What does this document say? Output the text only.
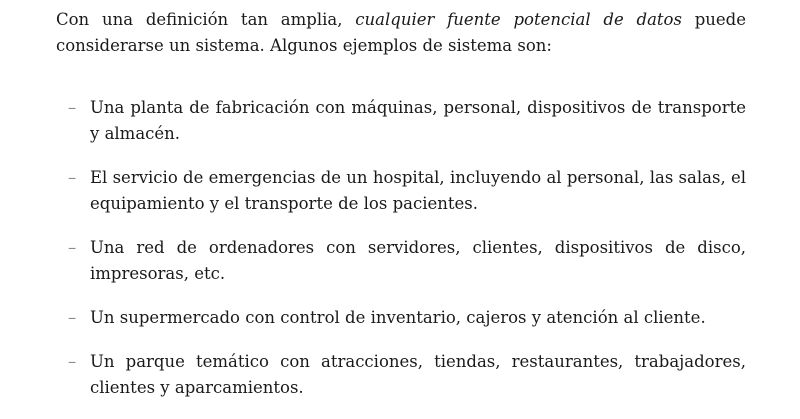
Con una definición tan amplia, cualquier fuente potencial de datos puede considerarse un sistema. Algunos ejemplos de sistema son:

– Una planta de fabricación con máquinas, personal, dispositivos de transporte y almacén.
– El servicio de emergencias de un hospital, incluyendo al personal, las salas, el equipamiento y el transporte de los pacientes.
– Una red de ordenadores con servidores, clientes, dispositivos de disco, impresoras, etc.
– Un supermercado con control de inventario, cajeros y atención al cliente.
– Un parque temático con atracciones, tiendas, restaurantes, trabajadores, clientes y aparcamientos.
